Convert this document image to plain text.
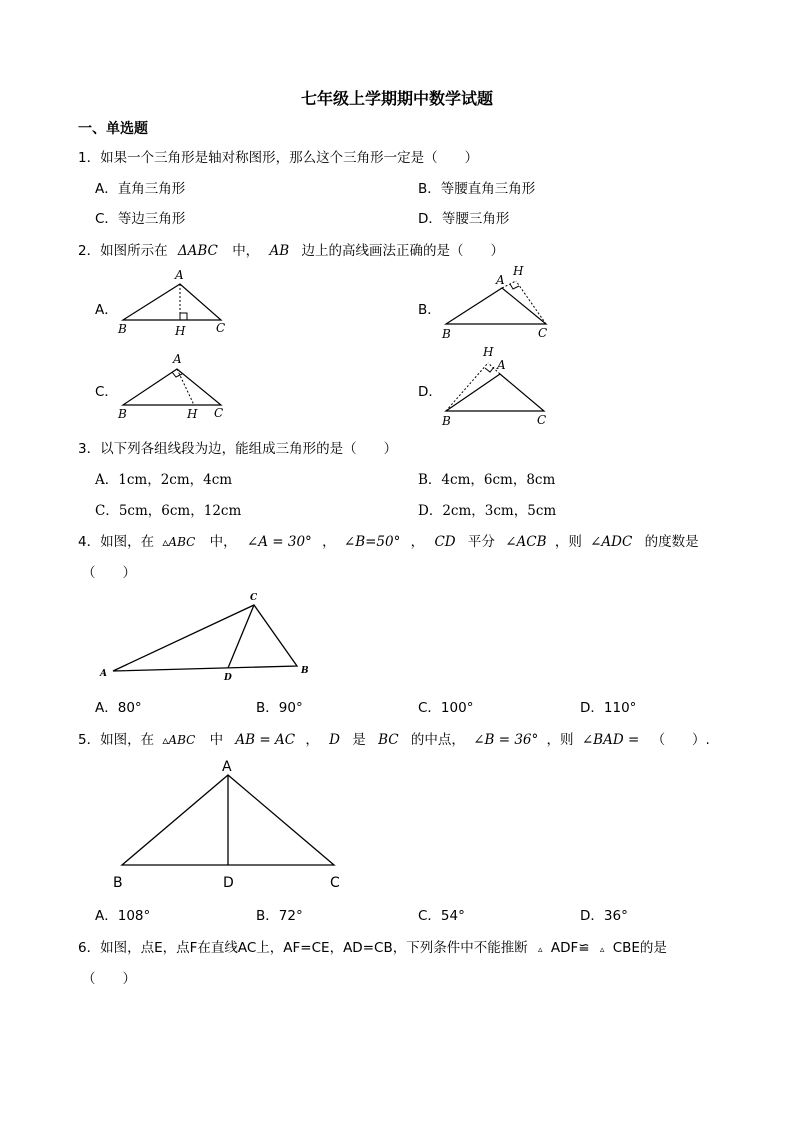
七年级上学期期中数学试题
一、单选题
1．如果一个三角形是轴对称图形，那么这个三角形一定是（　　）
A．直角三角形	B．等腰直角三角形
C．等边三角形	D．等腰三角形
2．如图所示在 ΔABC 中， AB 边上的高线画法正确的是（　　）
A．
A
B	C
H
B．
A
H
B	C
C．
A
B	C
H
D．
H
A
B	C
3．以下列各组线段为边，能组成三角形的是（　　）
A．1cm，2cm，4cm	B．4cm，6cm，8cm
C．5cm，6cm，12cm	D．2cm，3cm，5cm
4．如图，在 ▵ABC 中， ∠A = 30° ， ∠B=50° ， CD 平分 ∠ACB ，则 ∠ADC 的度数是
（　　）
C
A	B
D
A．80°	B．90°	C．100°	D．110°
5．如图，在 ▵ABC 中 AB = AC ， D 是 BC 的中点， ∠B = 36° ，则 ∠BAD = （　　）.
A
B	D	C
A．108°	B．72°	C．54°	D．36°
6．如图，点E，点F在直线AC上，AF=CE，AD=CB，下列条件中不能推断 ▵ ADF≌ ▵ CBE的是
（　　）
